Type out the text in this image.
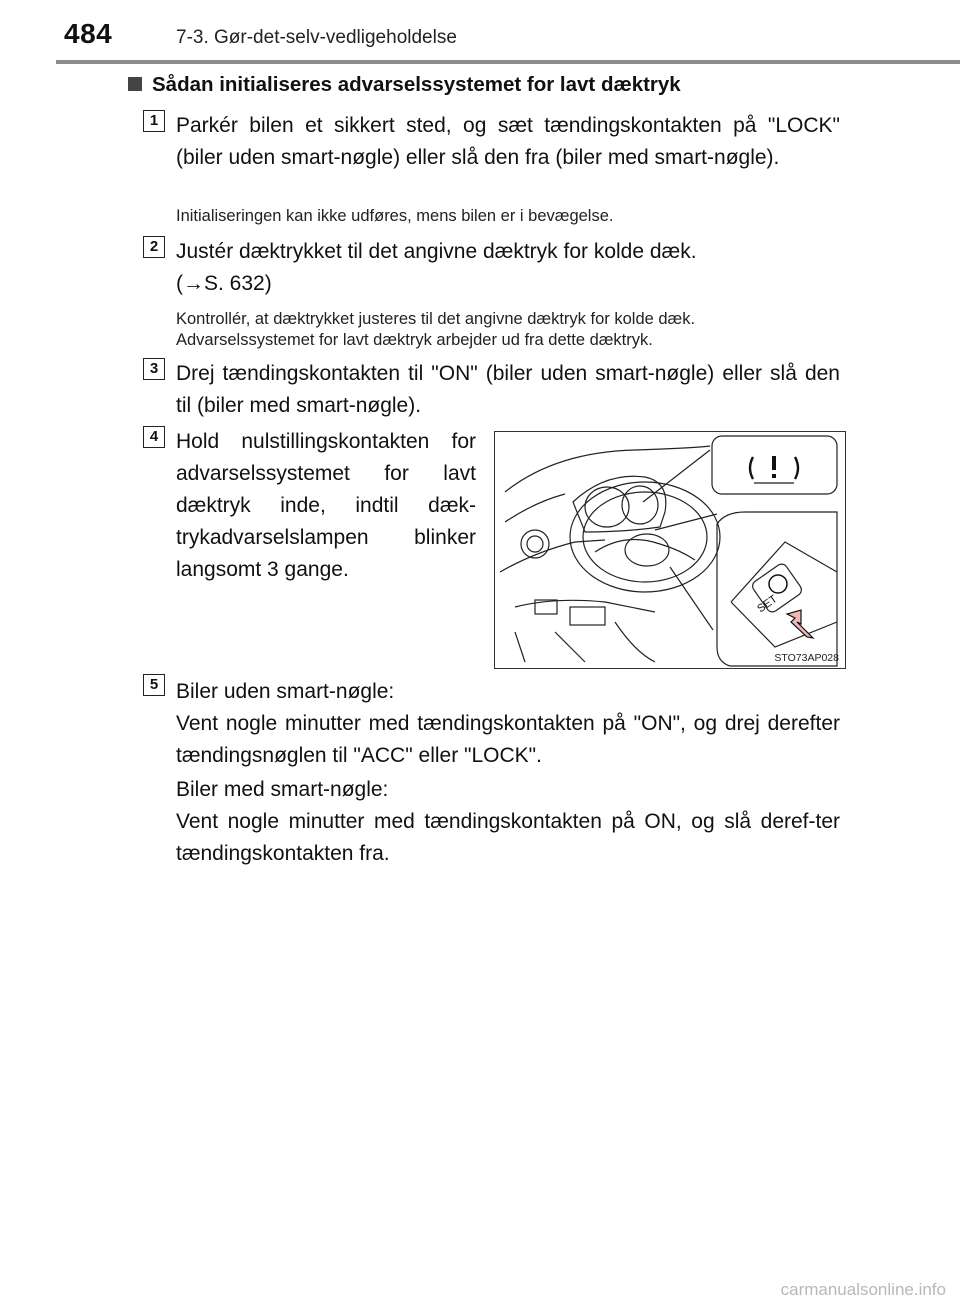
484	7-3. Gør-det-selv-vedligeholdelse
Sådan initialiseres advarselssystemet for lavt dæktryk
1 Parkér bilen et sikkert sted, og sæt tændingskontakten på "LOCK" (biler uden smart-nøgle) eller slå den fra (biler med smart-nøgle).
Initialiseringen kan ikke udføres, mens bilen er i bevægelse.
2 Justér dæktrykket til det angivne dæktryk for kolde dæk.
(→S. 632)
Kontrollér, at dæktrykket justeres til det angivne dæktryk for kolde dæk.
Advarselssystemet for lavt dæktryk arbejder ud fra dette dæktryk.
3 Drej tændingskontakten til "ON" (biler uden smart-nøgle) eller slå den til (biler med smart-nøgle).
4 Hold nulstillingskontakten for advarselssystemet for lavt dæktryk inde, indtil dæk-trykadvarselslampen blinker langsomt 3 gange.
SET
STO73AP028
5 Biler uden smart-nøgle:
Vent nogle minutter med tændingskontakten på "ON", og drej derefter tændingsnøglen til "ACC" eller "LOCK".
Biler med smart-nøgle:
Vent nogle minutter med tændingskontakten på ON, og slå deref-ter tændingskontakten fra.
carmanualsonline.info
